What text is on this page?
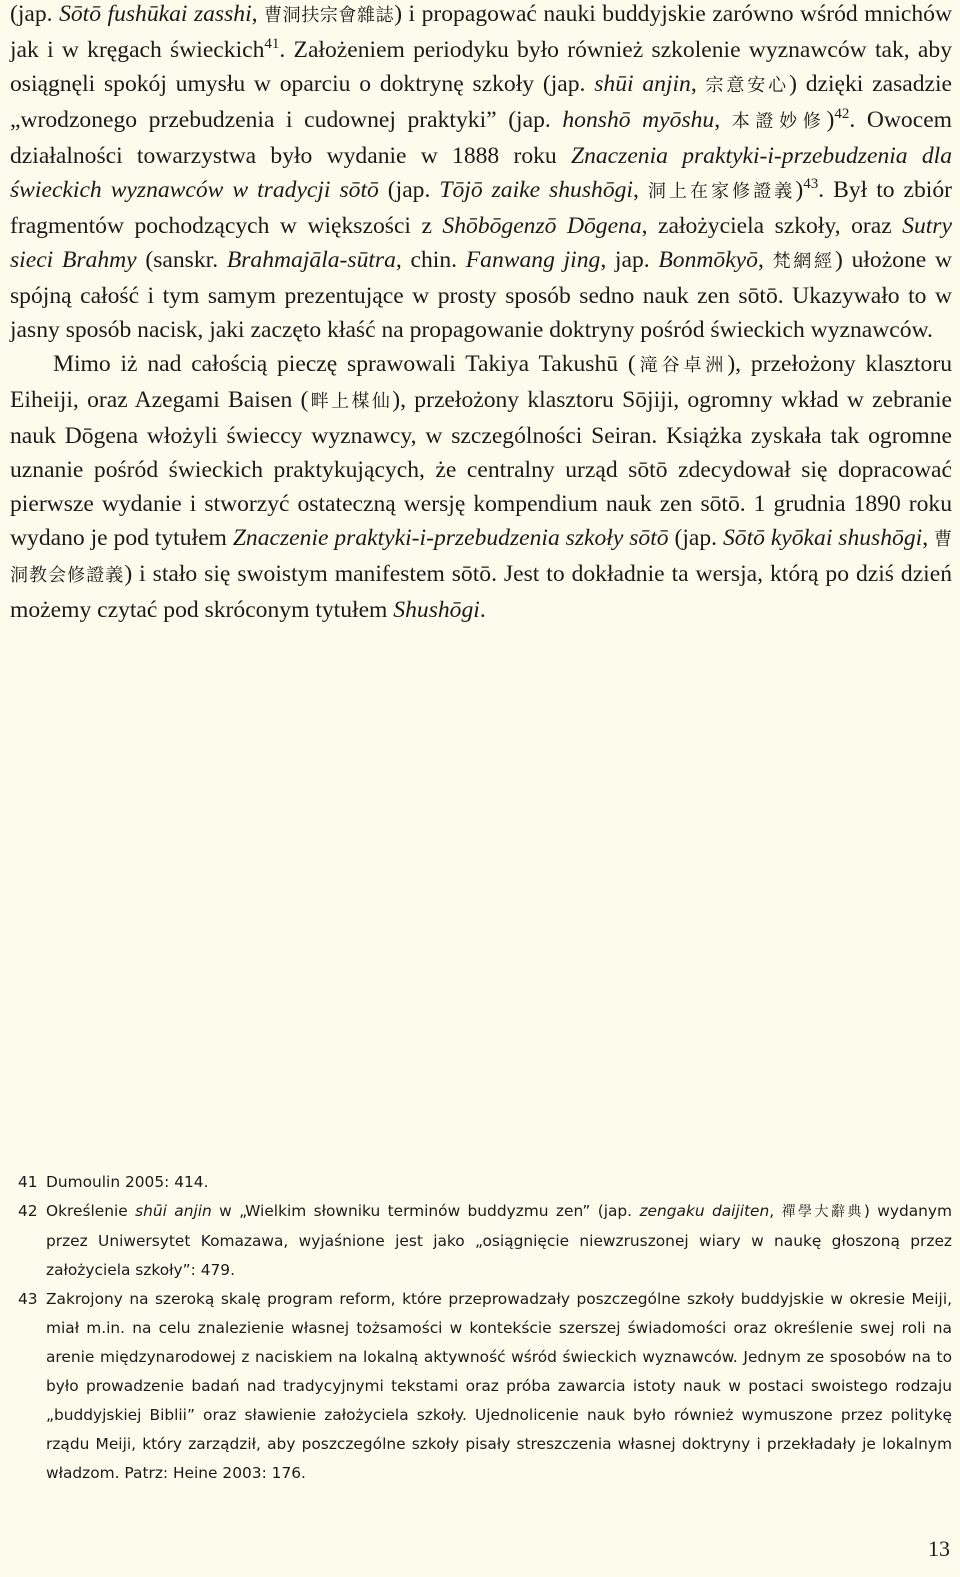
(jap. Sōtō fushūkai zasshi, 曹洞扶宗會雜誌) i propagować nauki buddyjskie zarówno wśród mnichów jak i w kręgach świeckich$^{41}$. Założeniem periodyku było również szkolenie wyznawców tak, aby osiągnęli spokój umysłu w oparciu o doktrynę szkoły (jap. shūi anjin, 宗意安心) dzięki zasadzie „wrodzonego przebudzenia i cudownej praktyki” (jap. honshō myōshu, 本證妙修)$^{42}$. Owocem działalności towarzystwa było wydanie w 1888 roku Znaczenia praktyki-i-przebudzenia dla świeckich wyznawców w tradycji sōtō (jap. Tōjō zaike shushōgi, 洞上在家修證義)$^{43}$. Był to zbiór fragmentów pochodzących w większości z Shōbōgenzō Dōgena, założyciela szkoły, oraz Sutry sieci Brahmy (sanskr. Brahmajāla-sūtra, chin. Fanwang jing, jap. Bonmōkyō, 梵網經) ułożone w spójną całość i tym samym prezentujące w prosty sposób sedno nauk zen sōtō. Ukazywało to w jasny sposób nacisk, jaki zaczęto kłaść na propagowanie doktryny pośród świeckich wyznawców.

Mimo iż nad całością pieczę sprawowali Takiya Takushū (滝谷卓洲), przełożony klasztoru Eiheiji, oraz Azegami Baisen (畔上楳仙), przełożony klasztoru Sōjiji, ogromny wkład w zebranie nauk Dōgena włożyli świeccy wyznawcy, w szczególności Seiran. Książka zyskała tak ogromne uznanie pośród świeckich praktykujących, że centralny urząd sōtō zdecydował się dopracować pierwsze wydanie i stworzyć ostateczną wersję kompendium nauk zen sōtō. 1 grudnia 1890 roku wydano je pod tytułem Znaczenie praktyki-i-przebudzenia szkoły sōtō (jap. Sōtō kyōkai shushōgi, 曹洞教会修證義) i stało się swoistym manifestem sōtō. Jest to dokładnie ta wersja, którą po dziś dzień możemy czytać pod skróconym tytułem Shushōgi.

41 Dumoulin 2005: 414.
42 Określenie shūi anjin w „Wielkim słowniku terminów buddyzmu zen” (jap. zengaku daijiten, 禪學大辭典) wydanym przez Uniwersytet Komazawa, wyjaśnione jest jako „osiągnięcie niewzruszonej wiary w naukę głoszoną przez założyciela szkoły”: 479.
43 Zakrojony na szeroką skalę program reform, które przeprowadzały poszczególne szkoły buddyjskie w okresie Meiji, miał m.in. na celu znalezienie własnej tożsamości w kontekście szerszej świadomości oraz określenie swej roli na arenie międzynarodowej z naciskiem na lokalną aktywność wśród świeckich wyznawców. Jednym ze sposobów na to było prowadzenie badań nad tradycyjnymi tekstami oraz próba zawarcia istoty nauk w postaci swoistego rodzaju „buddyjskiej Biblii” oraz sławienie założyciela szkoły. Ujednolicenie nauk było również wymuszone przez politykę rządu Meiji, który zarządził, aby poszczególne szkoły pisały streszczenia własnej doktryny i przekładały je lokalnym władzom. Patrz: Heine 2003: 176.
13
